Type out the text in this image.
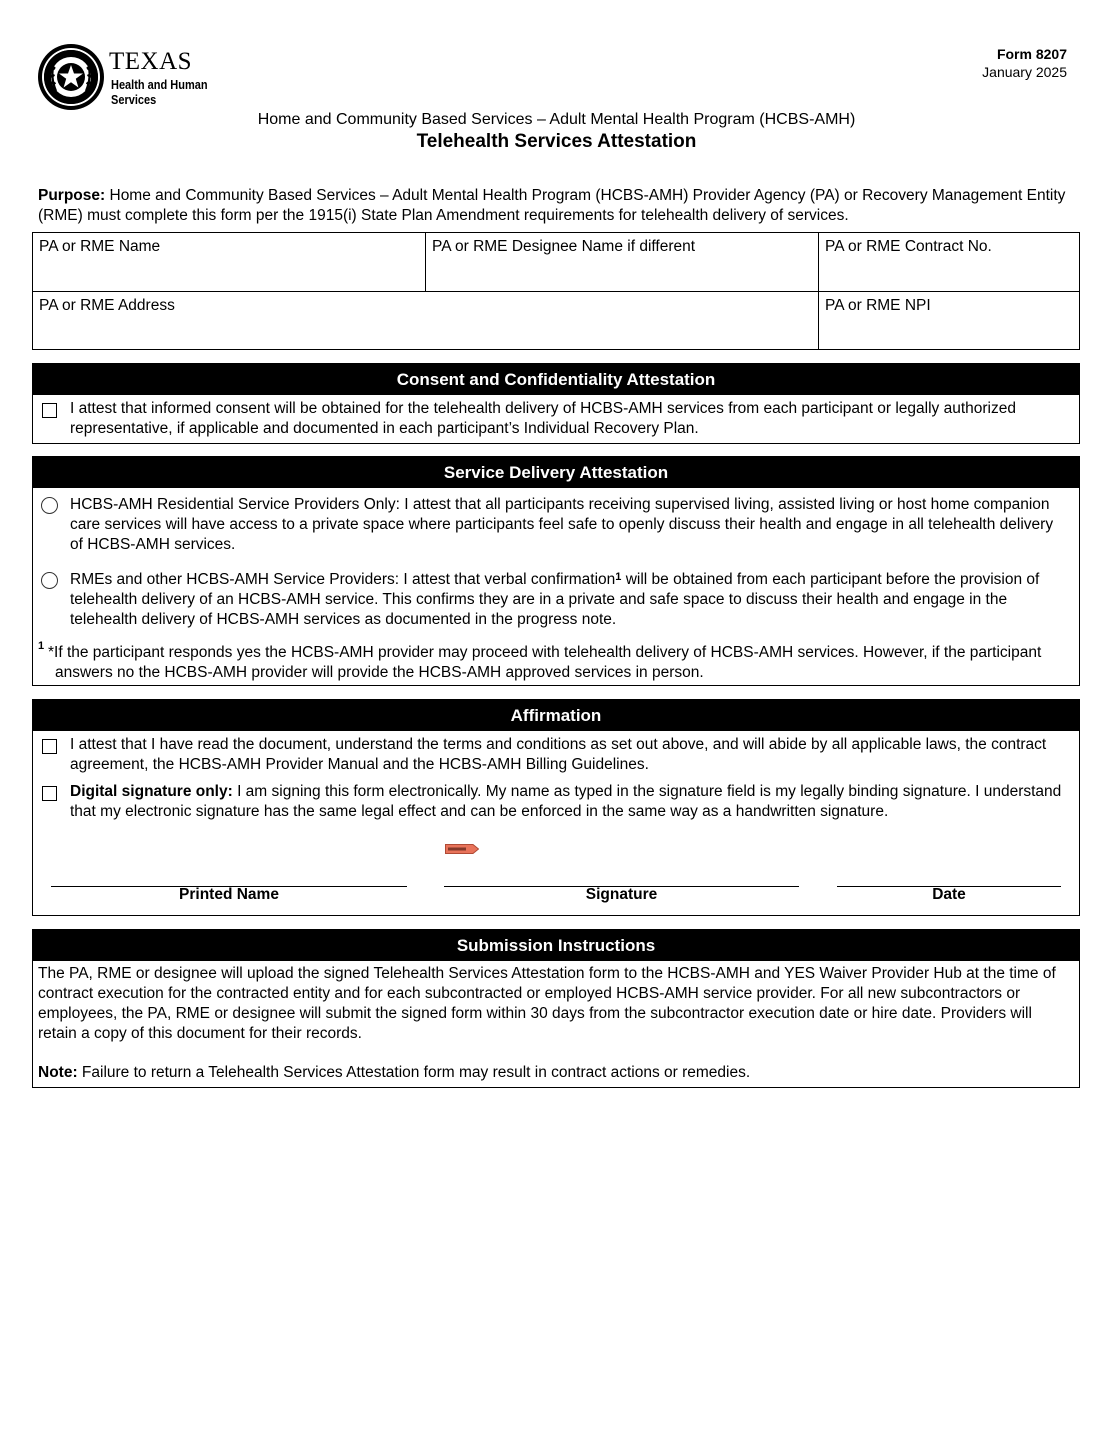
TEXAS
Health and Human
Services
Form 8207
January 2025
Home and Community Based Services – Adult Mental Health Program (HCBS-AMH)
Telehealth Services Attestation
Purpose: Home and Community Based Services – Adult Mental Health Program (HCBS-AMH) Provider Agency (PA) or Recovery Management Entity (RME) must complete this form per the 1915(i) State Plan Amendment requirements for telehealth delivery of services.
PA or RME Name	PA or RME Designee Name if different	PA or RME Contract No.
PA or RME Address	PA or RME NPI
Consent and Confidentiality Attestation
I attest that informed consent will be obtained for the telehealth delivery of HCBS-AMH services from each participant or legally authorized representative, if applicable and documented in each participant’s Individual Recovery Plan.
Service Delivery Attestation
HCBS-AMH Residential Service Providers Only: I attest that all participants receiving supervised living, assisted living or host home companion care services will have access to a private space where participants feel safe to openly discuss their health and engage in all telehealth delivery of HCBS-AMH services.
RMEs and other HCBS-AMH Service Providers: I attest that verbal confirmation$^1$ will be obtained from each participant before the provision of telehealth delivery of an HCBS-AMH service. This confirms they are in a private and safe space to discuss their health and engage in the telehealth delivery of HCBS-AMH services as documented in the progress note.
1 *If the participant responds yes the HCBS-AMH provider may proceed with telehealth delivery of HCBS-AMH services. However, if the participant answers no the HCBS-AMH provider will provide the HCBS-AMH approved services in person.
Affirmation
I attest that I have read the document, understand the terms and conditions as set out above, and will abide by all applicable laws, the contract agreement, the HCBS-AMH Provider Manual and the HCBS-AMH Billing Guidelines.
Digital signature only: I am signing this form electronically. My name as typed in the signature field is my legally binding signature. I understand that my electronic signature has the same legal effect and can be enforced in the same way as a handwritten signature.
Printed Name	Signature	Date
Submission Instructions
The PA, RME or designee will upload the signed Telehealth Services Attestation form to the HCBS-AMH and YES Waiver Provider Hub at the time of contract execution for the contracted entity and for each subcontracted or employed HCBS-AMH service provider. For all new subcontractors or employees, the PA, RME or designee will submit the signed form within 30 days from the subcontractor execution date or hire date. Providers will retain a copy of this document for their records.
Note: Failure to return a Telehealth Services Attestation form may result in contract actions or remedies.
